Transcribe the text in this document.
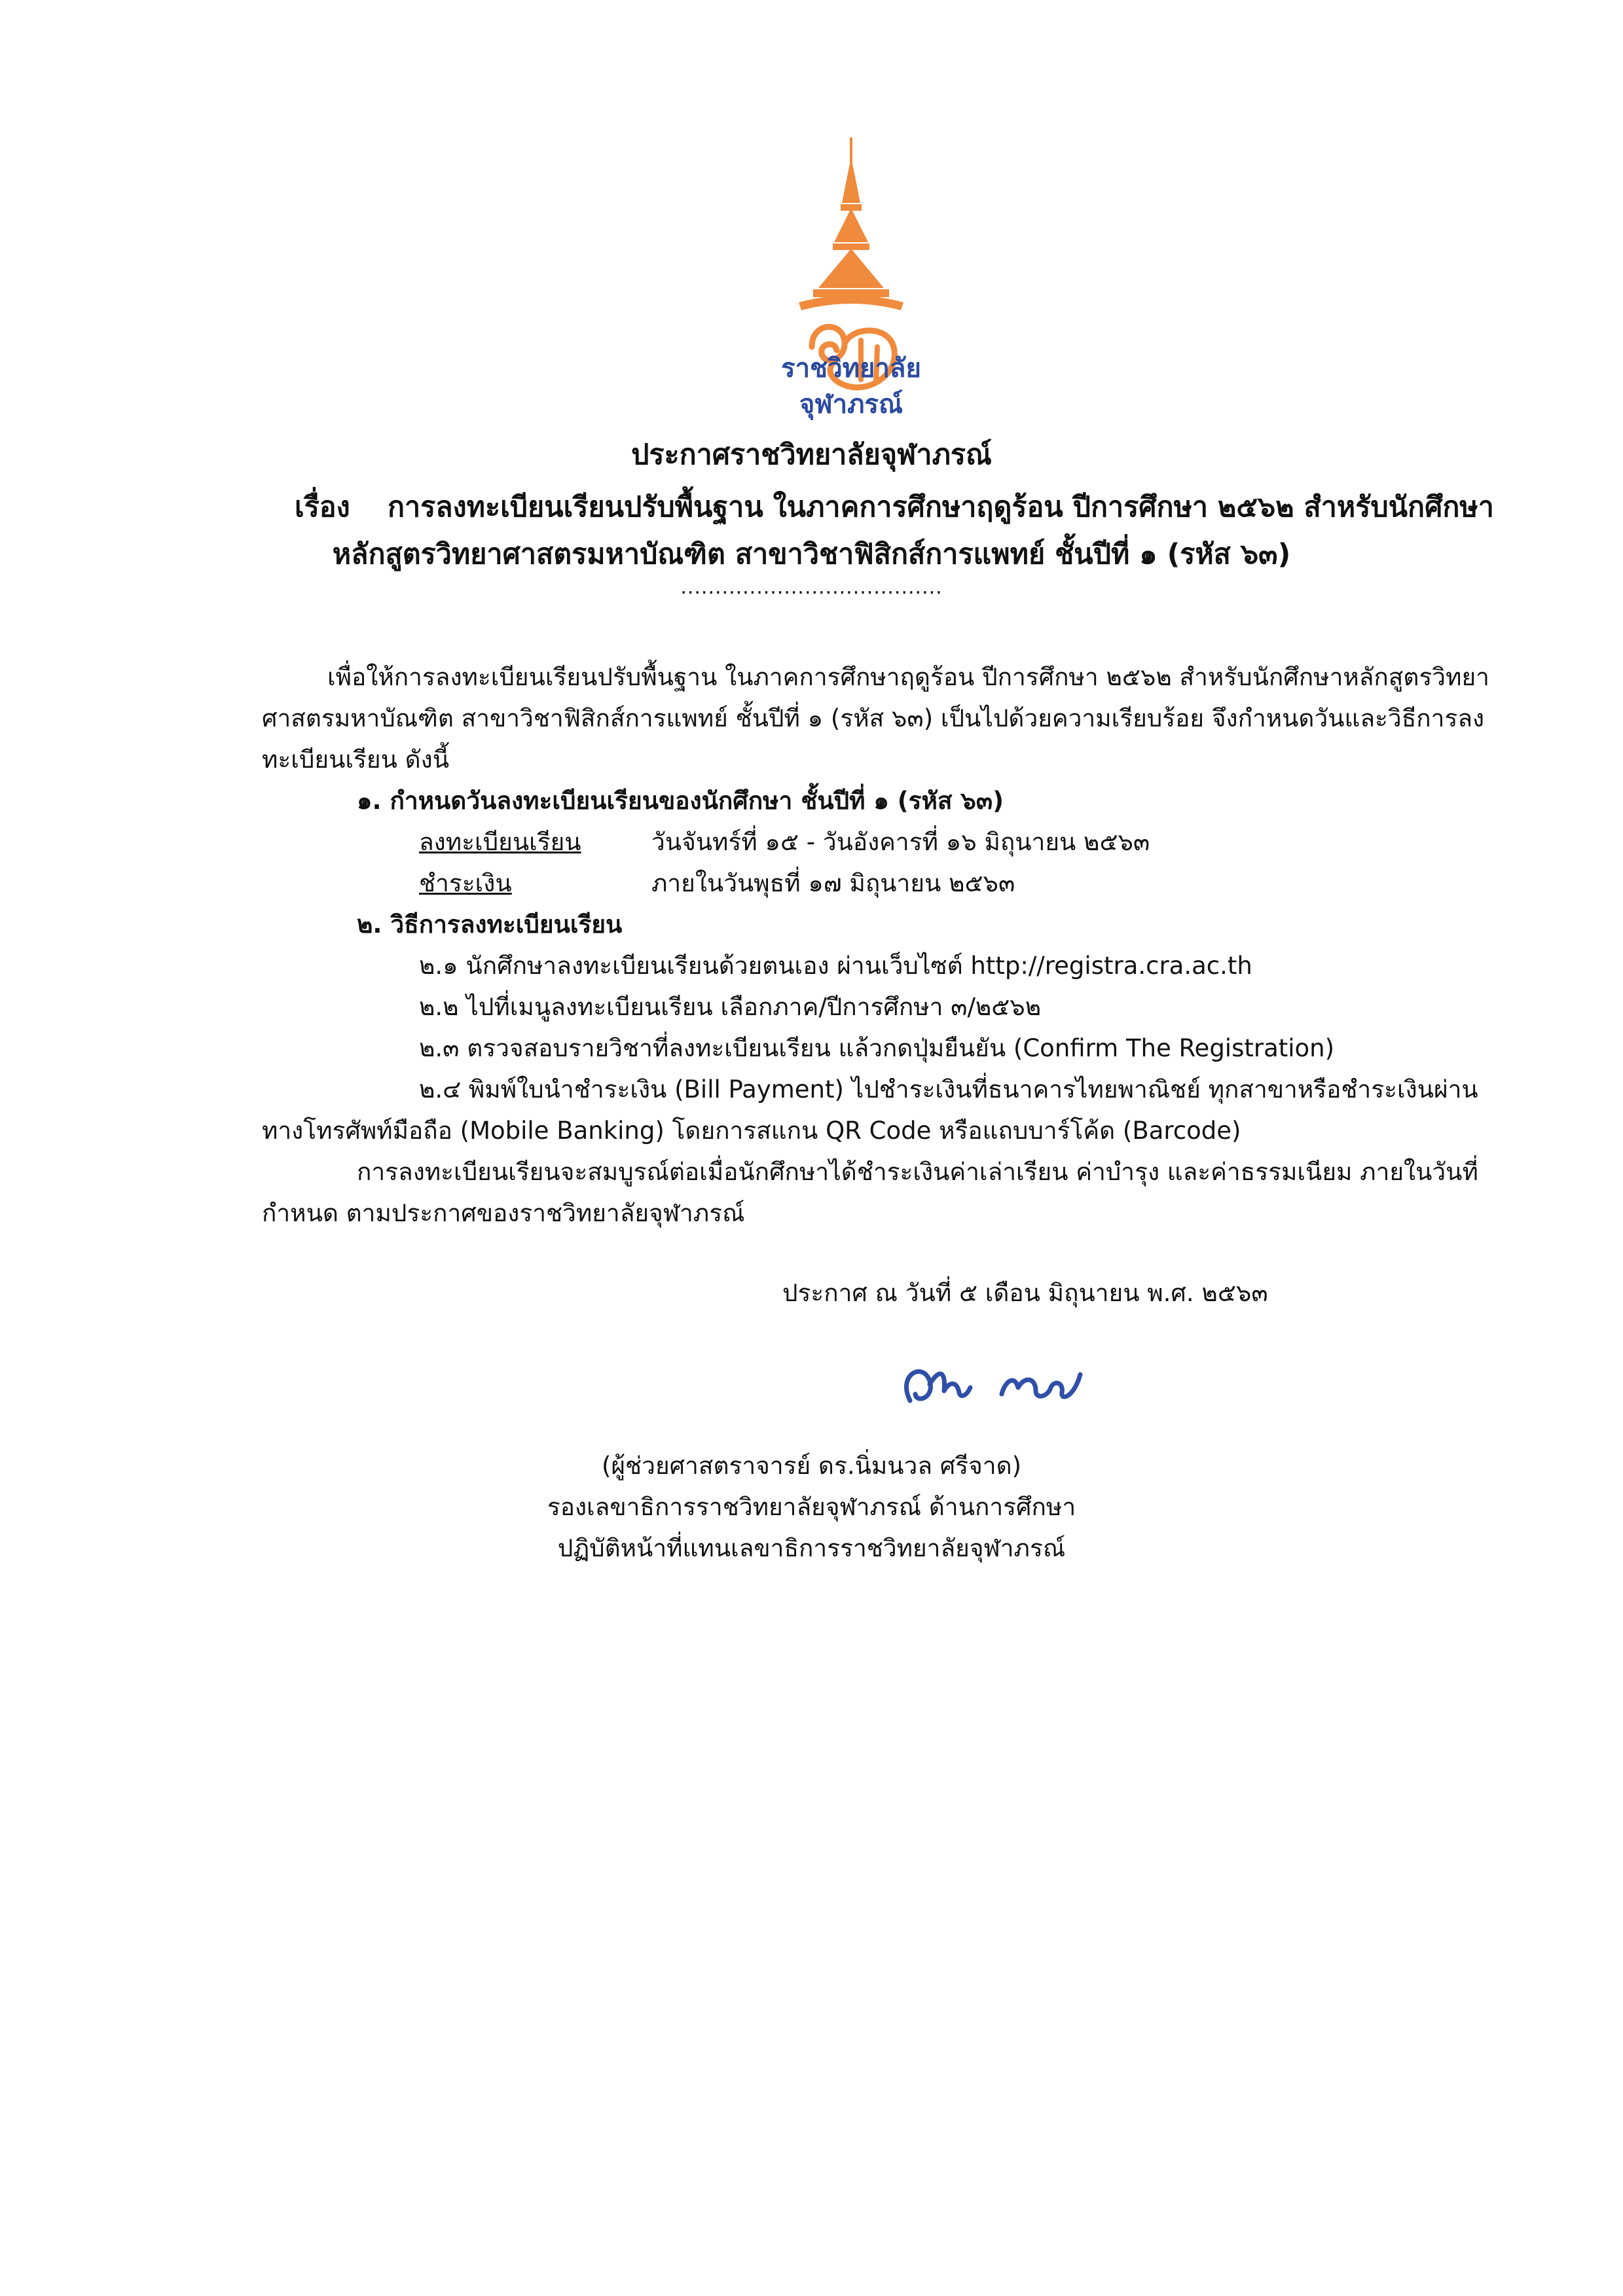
ราชวิทยาลัย
จุฬาภรณ์
ประกาศราชวิทยาลัยจุฬาภรณ์
เรื่อง การลงทะเบียนเรียนปรับพื้นฐาน ในภาคการศึกษาฤดูร้อน ปีการศึกษา ๒๕๖๒ สำหรับนักศึกษา
หลักสูตรวิทยาศาสตรมหาบัณฑิต สาขาวิชาฟิสิกส์การแพทย์ ชั้นปีที่ ๑ (รหัส ๖๓)
......................................
เพื่อให้การลงทะเบียนเรียนปรับพื้นฐาน ในภาคการศึกษาฤดูร้อน ปีการศึกษา ๒๕๖๒ สำหรับนักศึกษาหลักสูตรวิทยา
ศาสตรมหาบัณฑิต สาขาวิชาฟิสิกส์การแพทย์ ชั้นปีที่ ๑ (รหัส ๖๓) เป็นไปด้วยความเรียบร้อย จึงกำหนดวันและวิธีการลง
ทะเบียนเรียน ดังนี้
๑. กำหนดวันลงทะเบียนเรียนของนักศึกษา ชั้นปีที่ ๑ (รหัส ๖๓)
ลงทะเบียนเรียน	วันจันทร์ที่ ๑๕ - วันอังคารที่ ๑๖ มิถุนายน ๒๕๖๓
ชำระเงิน	ภายในวันพุธที่ ๑๗ มิถุนายน ๒๕๖๓
๒. วิธีการลงทะเบียนเรียน
๒.๑ นักศึกษาลงทะเบียนเรียนด้วยตนเอง ผ่านเว็บไซต์ http://registra.cra.ac.th
๒.๒ ไปที่เมนูลงทะเบียนเรียน เลือกภาค/ปีการศึกษา ๓/๒๕๖๒
๒.๓ ตรวจสอบรายวิชาที่ลงทะเบียนเรียน แล้วกดปุ่มยืนยัน (Confirm The Registration)
๒.๔ พิมพ์ใบนำชำระเงิน (Bill Payment) ไปชำระเงินที่ธนาคารไทยพาณิชย์ ทุกสาขาหรือชำระเงินผ่าน
ทางโทรศัพท์มือถือ (Mobile Banking) โดยการสแกน QR Code หรือแถบบาร์โค้ด (Barcode)
การลงทะเบียนเรียนจะสมบูรณ์ต่อเมื่อนักศึกษาได้ชำระเงินค่าเล่าเรียน ค่าบำรุง และค่าธรรมเนียม ภายในวันที่
กำหนด ตามประกาศของราชวิทยาลัยจุฬาภรณ์
ประกาศ ณ วันที่ ๕ เดือน มิถุนายน พ.ศ. ๒๕๖๓
(ผู้ช่วยศาสตราจารย์ ดร.นิ่มนวล ศรีจาด)
รองเลขาธิการราชวิทยาลัยจุฬาภรณ์ ด้านการศึกษา
ปฏิบัติหน้าที่แทนเลขาธิการราชวิทยาลัยจุฬาภรณ์
